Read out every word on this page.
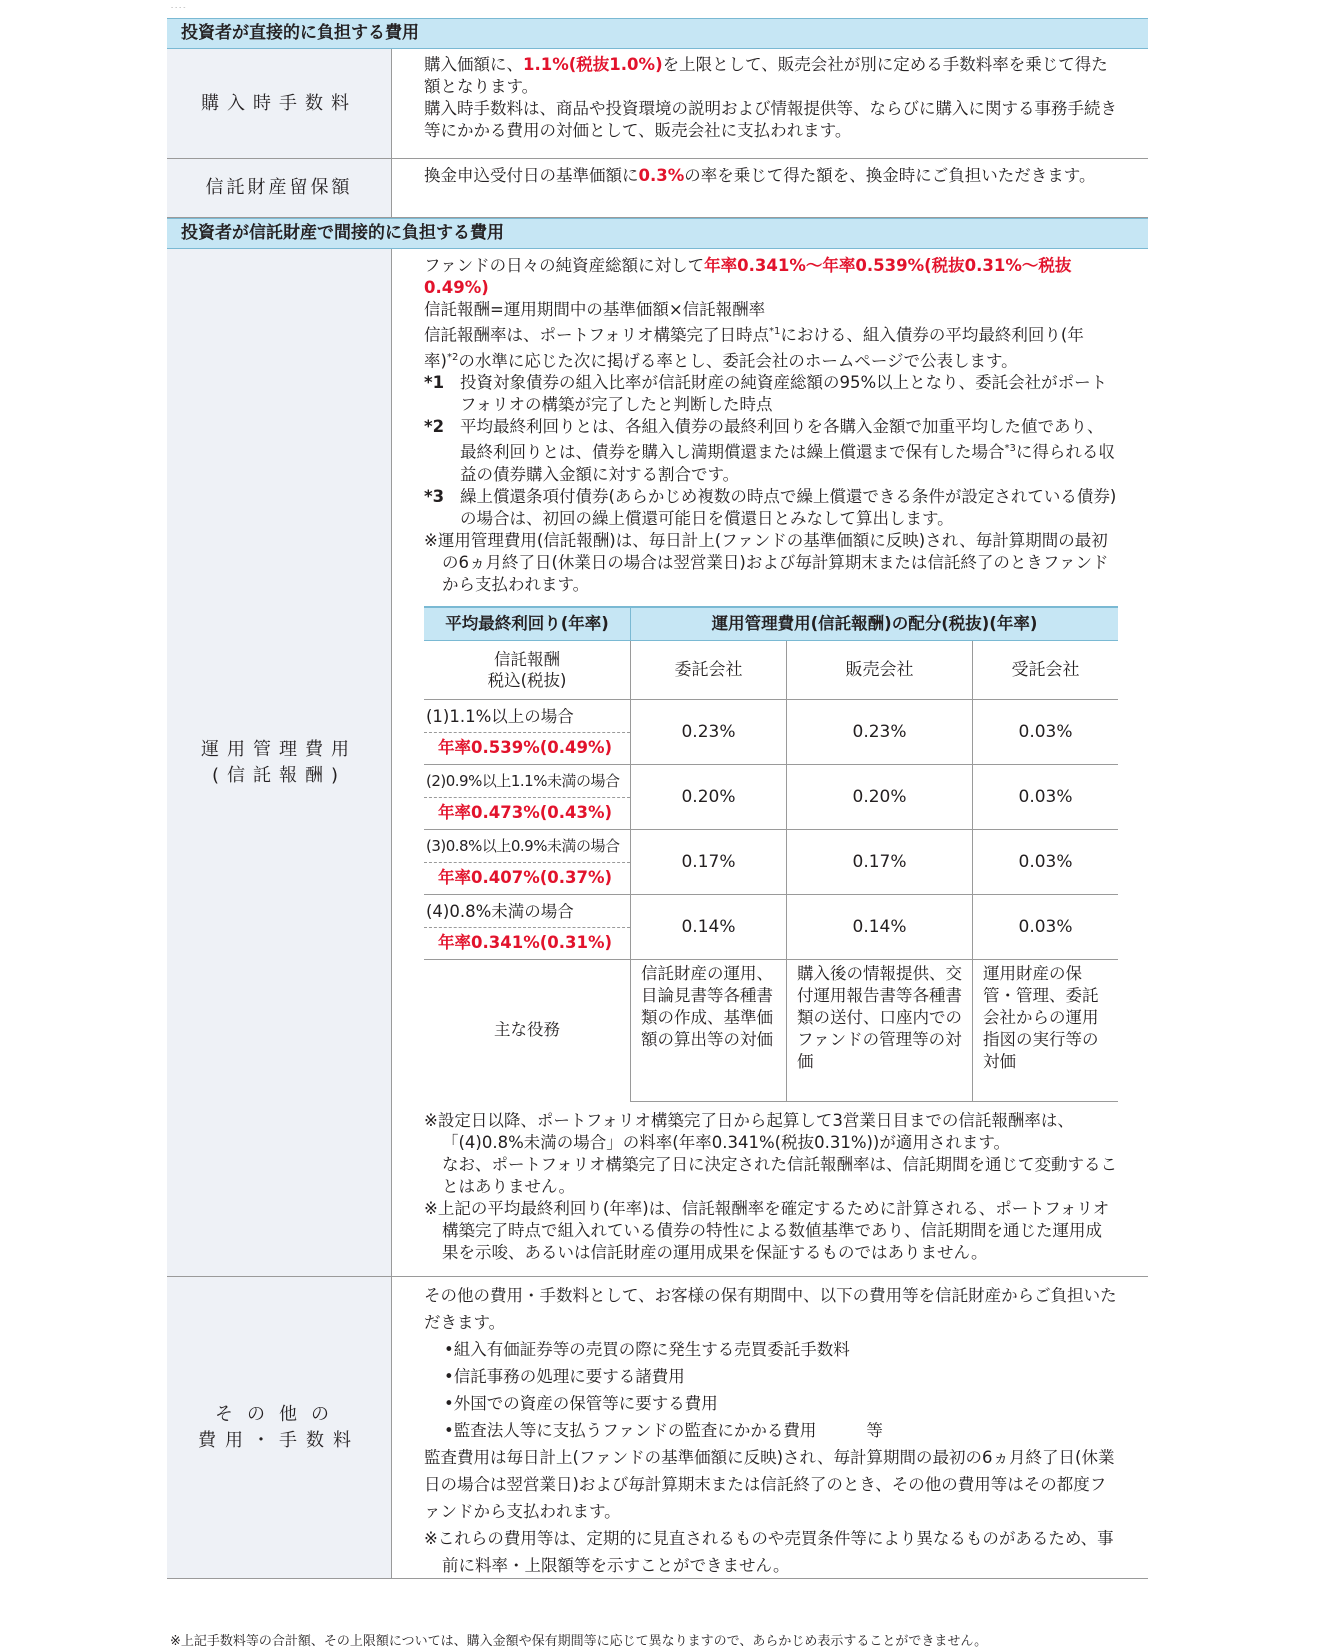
- - - -
投資者が直接的に負担する費用
購入時手数料
購入価額に、1.1%(税抜1.0%)を上限として、販売会社が別に定める手数料率を乗じて得た額となります。
購入時手数料は、商品や投資環境の説明および情報提供等、ならびに購入に関する事務手続き等にかかる費用の対価として、販売会社に支払われます。
信託財産留保額
換金申込受付日の基準価額に0.3%の率を乗じて得た額を、換金時にご負担いただきます。
投資者が信託財産で間接的に負担する費用
運用管理費用
(信託報酬)
ファンドの日々の純資産総額に対して年率0.341%～年率0.539%(税抜0.31%～税抜0.49%)
信託報酬=運用期間中の基準価額×信託報酬率
信託報酬率は、ポートフォリオ構築完了日時点$^{*1}$における、組入債券の平均最終利回り(年率)$^{*2}$の水準に応じた次に掲げる率とし、委託会社のホームページで公表します。
*1 投資対象債券の組入比率が信託財産の純資産総額の95%以上となり、委託会社がポートフォリオの構築が完了したと判断した時点
*2 平均最終利回りとは、各組入債券の最終利回りを各購入金額で加重平均した値であり、最終利回りとは、債券を購入し満期償還または繰上償還まで保有した場合$^{*3}$に得られる収益の債券購入金額に対する割合です。
*3 繰上償還条項付債券(あらかじめ複数の時点で繰上償還できる条件が設定されている債券)の場合は、初回の繰上償還可能日を償還日とみなして算出します。
※運用管理費用(信託報酬)は、毎日計上(ファンドの基準価額に反映)され、毎計算期間の最初の6ヵ月終了日(休業日の場合は翌営業日)および毎計算期末または信託終了のときファンドから支払われます。
平均最終利回り(年率)	運用管理費用(信託報酬)の配分(税抜)(年率)		

信託報酬
税込(税抜)	委託会社	販売会社	受託会社

(1)1.1%以上の場合
年率0.539%(0.49%)	0.23%	0.23%	0.03%

(2)0.9%以上1.1%未満の場合
年率0.473%(0.43%)	0.20%	0.20%	0.03%

(3)0.8%以上0.9%未満の場合
年率0.407%(0.37%)	0.17%	0.17%	0.03%

(4)0.8%未満の場合
年率0.341%(0.31%)	0.14%	0.14%	0.03%
主な役務	信託財産の運用、目論見書等各種書類の作成、基準価額の算出等の対価	購入後の情報提供、交付運用報告書等各種書類の送付、口座内でのファンドの管理等の対価	運用財産の保管・管理、委託会社からの運用指図の実行等の対価
※設定日以降、ポートフォリオ構築完了日から起算して3営業日目までの信託報酬率は、「(4)0.8%未満の場合」の料率(年率0.341%(税抜0.31%))が適用されます。
なお、ポートフォリオ構築完了日に決定された信託報酬率は、信託期間を通じて変動することはありません。
※上記の平均最終利回り(年率)は、信託報酬率を確定するために計算される、ポートフォリオ構築完了時点で組入れている債券の特性による数値基準であり、信託期間を通じた運用成果を示唆、あるいは信託財産の運用成果を保証するものではありません。
その他の
費用・手数料

その他の費用・手数料として、お客様の保有期間中、以下の費用等を信託財産からご負担いただきます。

•組入有価証券等の売買の際に発生する売買委託手数料

•信託事務の処理に要する諸費用

•外国での資産の保管等に要する費用

•監査法人等に支払うファンドの監査にかかる費用	等

監査費用は毎日計上(ファンドの基準価額に反映)され、毎計算期間の最初の6ヵ月終了日(休業日の場合は翌営業日)および毎計算期末または信託終了のとき、その他の費用等はその都度ファンドから支払われます。

※これらの費用等は、定期的に見直されるものや売買条件等により異なるものがあるため、事前に料率・上限額等を示すことができません。

※上記手数料等の合計額、その上限額については、購入金額や保有期間等に応じて異なりますので、あらかじめ表示することができません。
